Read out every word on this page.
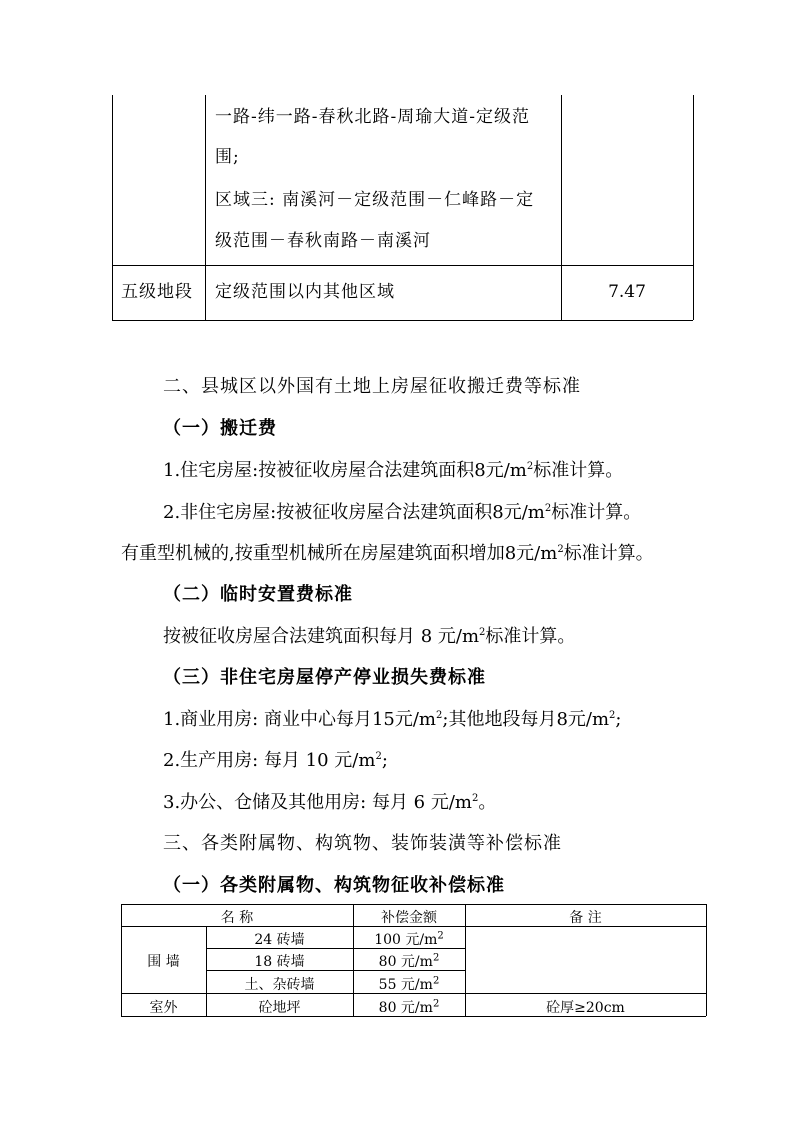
一路-纬一路-春秋北路-周瑜大道-定级范
围;
区域三: 南溪河－定级范围－仁峰路－定
级范围－春秋南路－南溪河
五级地段 定级范围以内其他区域	7.47
二、县城区以外国有土地上房屋征收搬迁费等标准
（一）搬迁费
1.住宅房屋:按被征收房屋合法建筑面积8元$/m^2$标准计算。
2.非住宅房屋:按被征收房屋合法建筑面积8元$/m^2$标准计算。
有重型机械的,按重型机械所在房屋建筑面积增加8元$/m^2$标准计算。
（二）临时安置费标准
按被征收房屋合法建筑面积每月 8 元$/m^2$标准计算。
（三）非住宅房屋停产停业损失费标准
1.商业用房: 商业中心每月15元$/m^2$;其他地段每月8元$/m^2$;
2.生产用房: 每月 10 元$/m^2$;
3.办公、仓储及其他用房: 每月 6 元$/m^2$。
三、各类附属物、构筑物、装饰装潢等补偿标准
（一）各类附属物、构筑物征收补偿标准
名 称	补偿金额	备 注
围 墙
24 砖墙	100 元$/m^2$
18 砖墙	80 元$/m^2$
土、杂砖墙	55 元$/m^2$
室外	砼地坪	80 元$/m^2$	砼厚≥20cm
